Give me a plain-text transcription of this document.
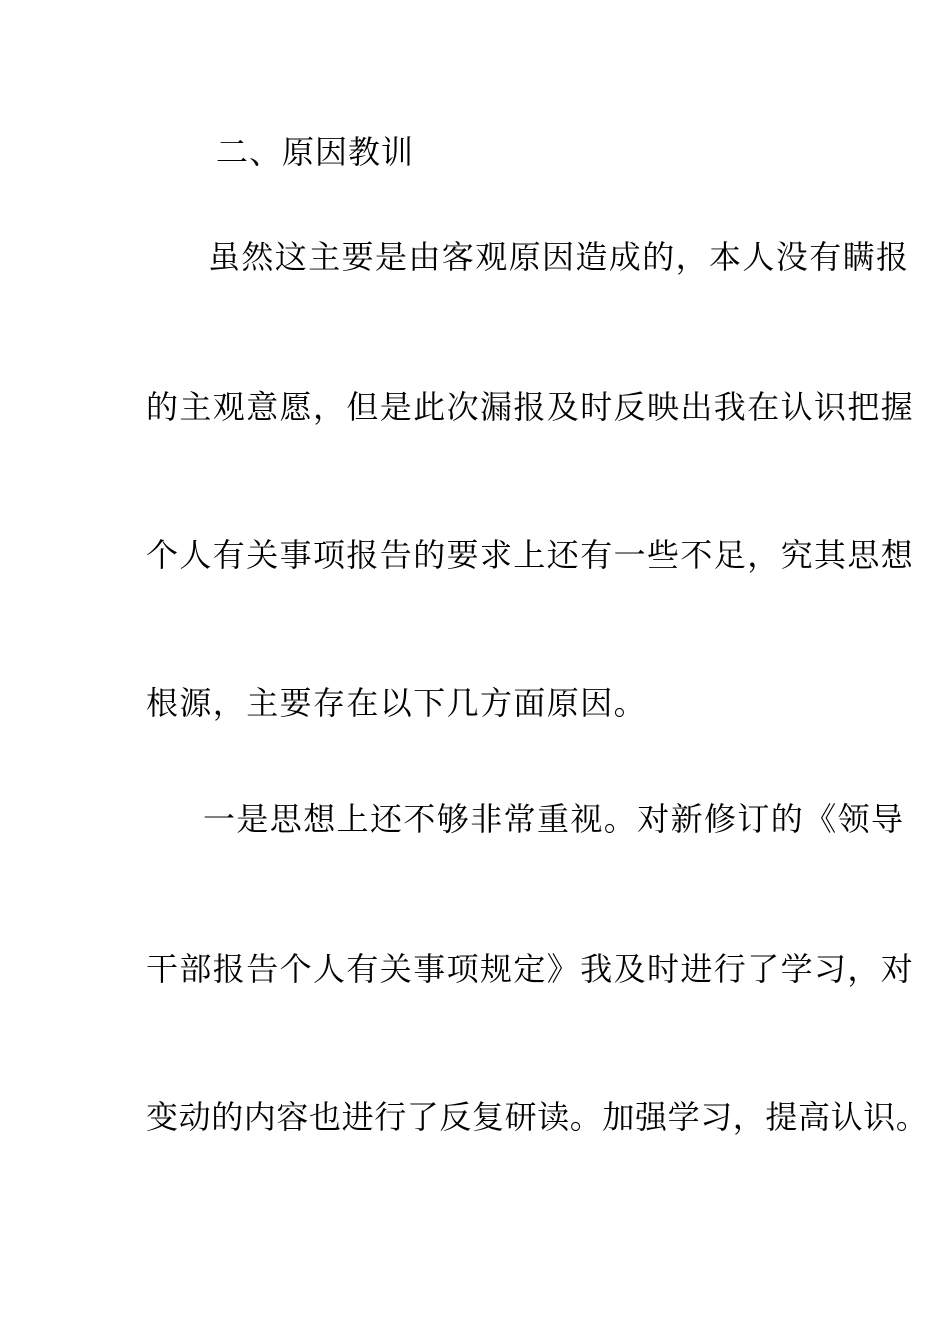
二、原因教训
虽然这主要是由客观原因造成的，本人没有瞒报
的主观意愿，但是此次漏报及时反映出我在认识把握
个人有关事项报告的要求上还有一些不足，究其思想
根源，主要存在以下几方面原因。
一是思想上还不够非常重视。对新修订的《领导
干部报告个人有关事项规定》我及时进行了学习，对
变动的内容也进行了反复研读。加强学习，提高认识。
